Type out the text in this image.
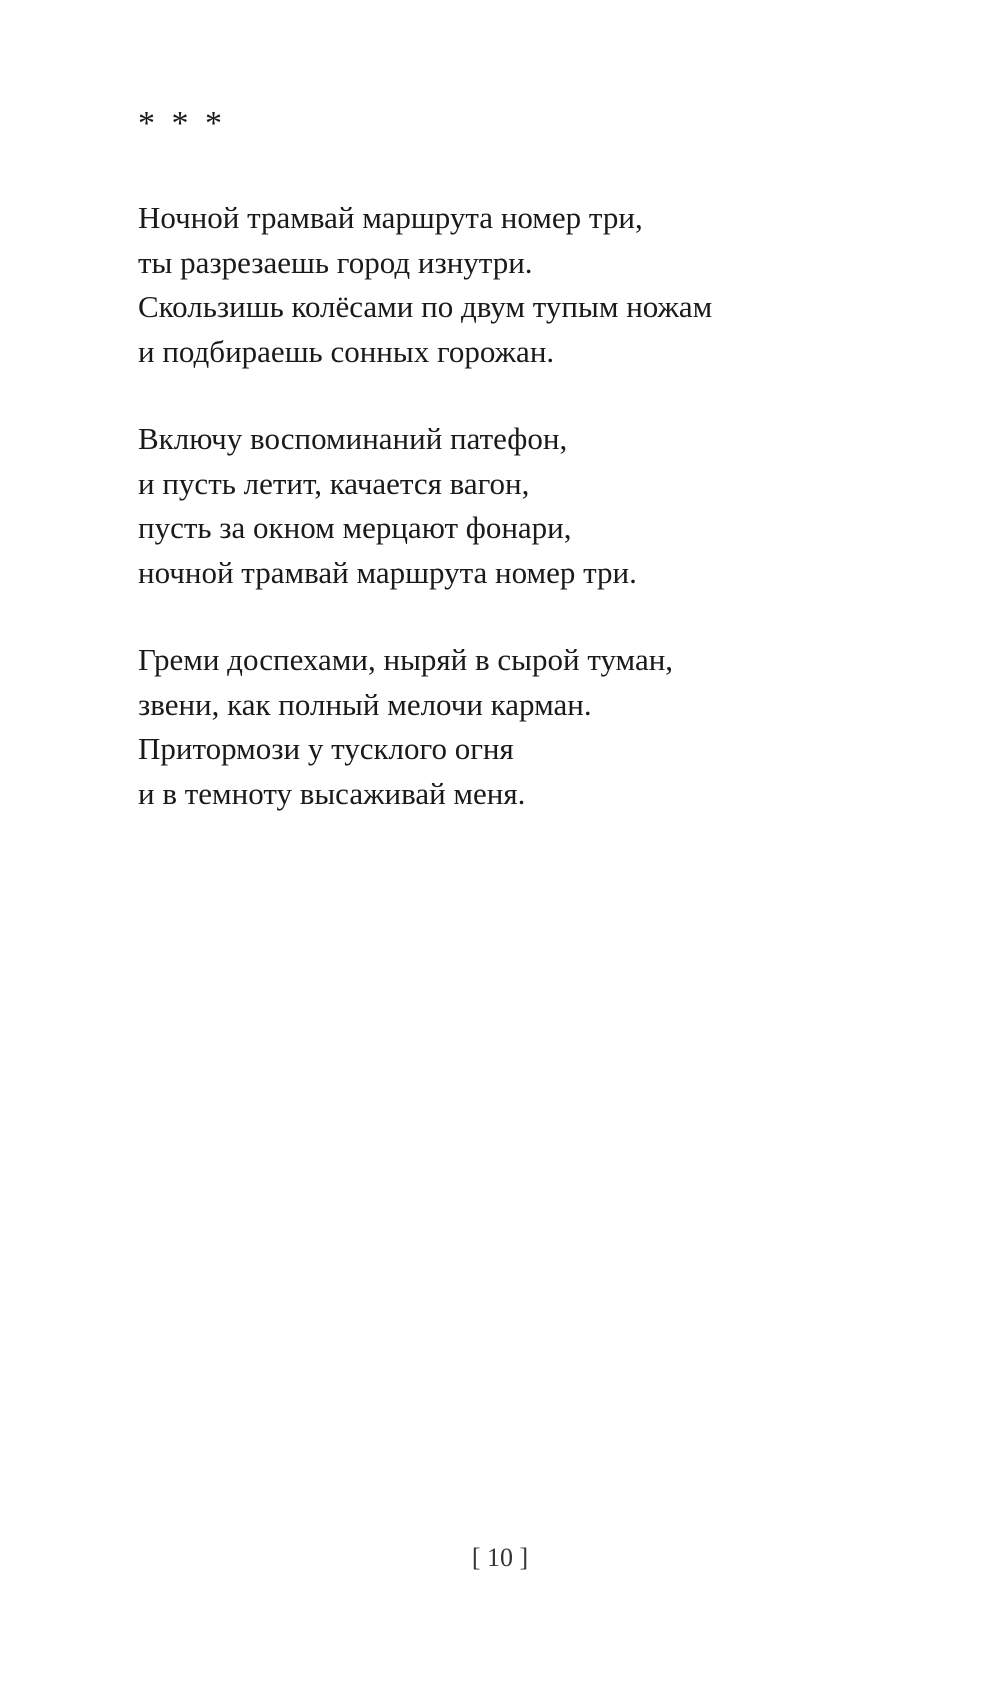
* * *
Ночной трамвай маршрута номер три,
ты разрезаешь город изнутри.
Скользишь колёсами по двум тупым ножам
и подбираешь сонных горожан.
Включу воспоминаний патефон,
и пусть летит, качается вагон,
пусть за окном мерцают фонари,
ночной трамвай маршрута номер три.
Греми доспехами, ныряй в сырой туман,
звени, как полный мелочи карман.
Притормози у тусклого огня
и в темноту высаживай меня.
[ 10 ]
